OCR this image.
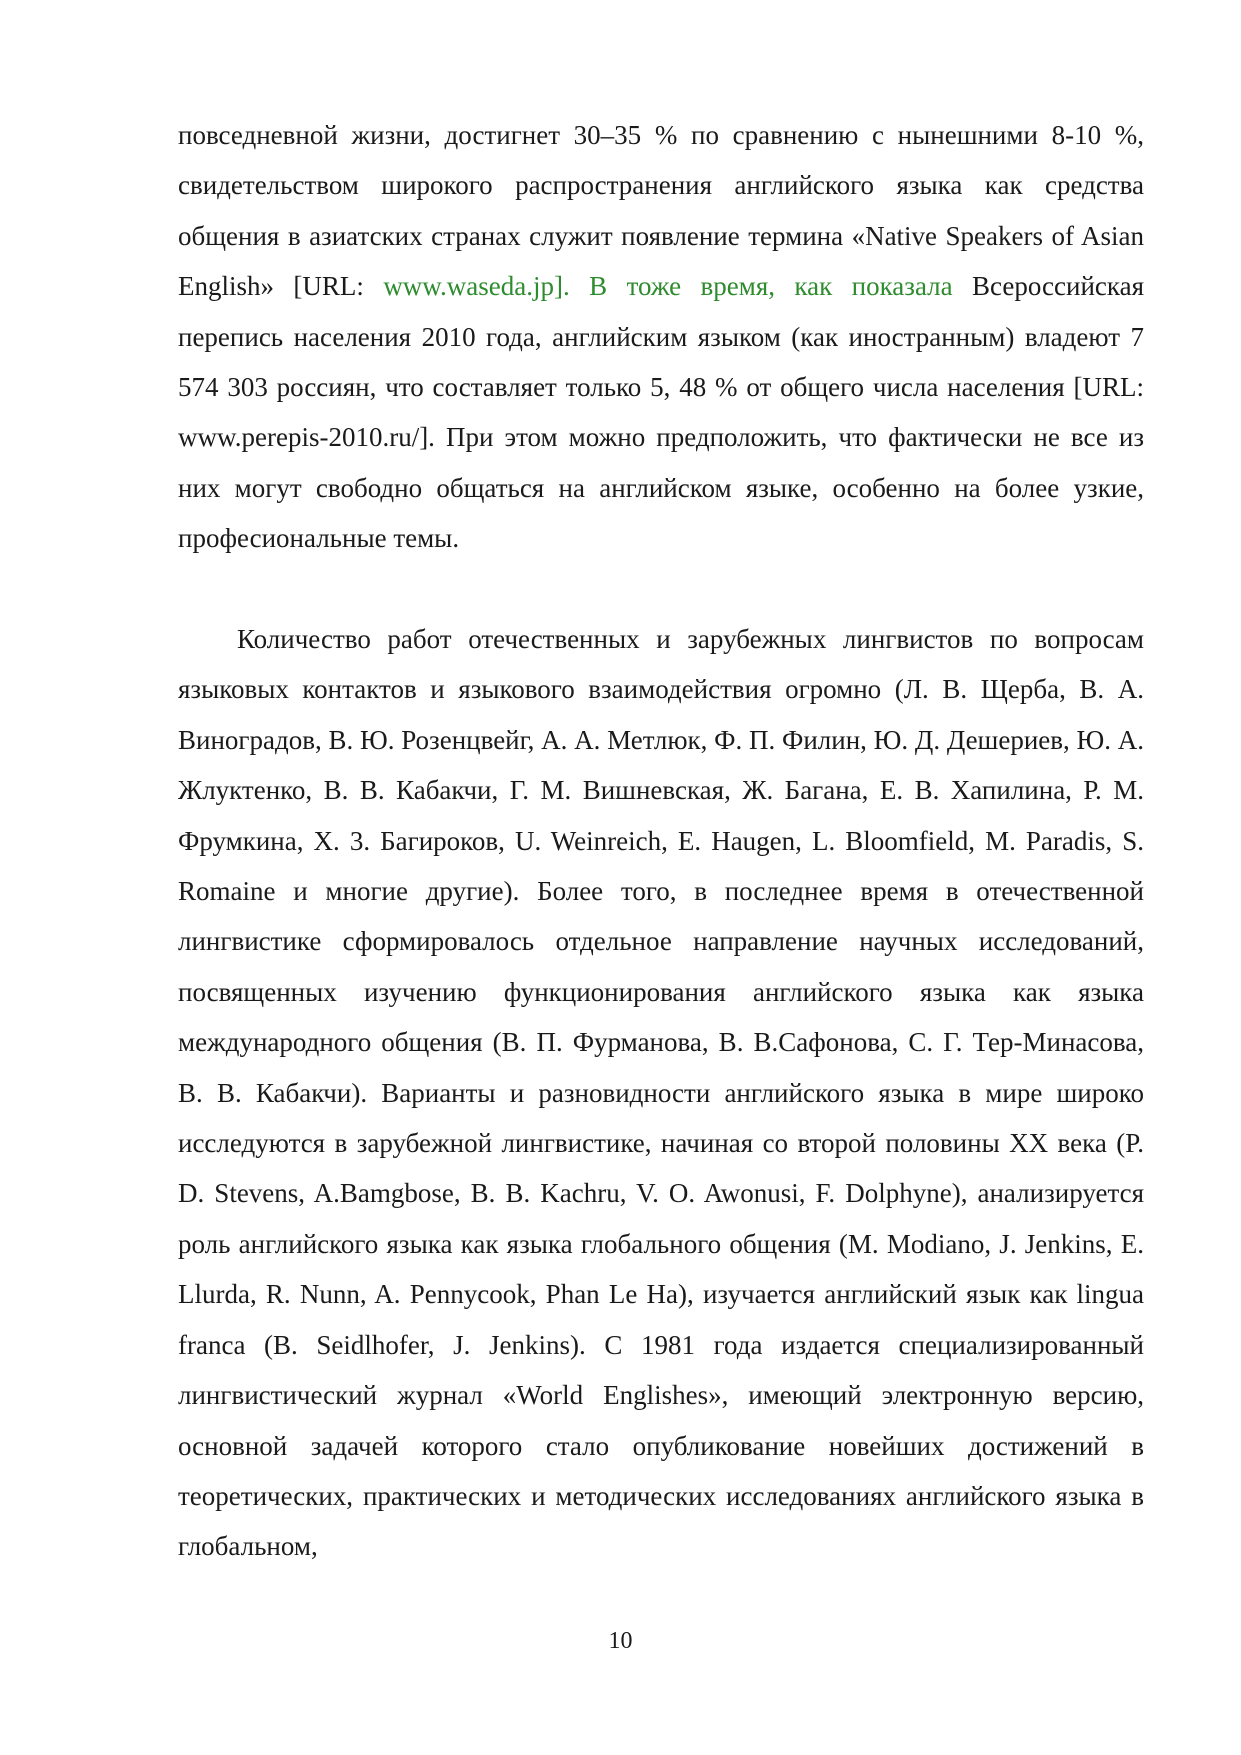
повседневной жизни, достигнет 30–35 % по сравнению с нынешними 8-10 %, свидетельством широкого распространения английского языка как средства общения в азиатских странах служит появление термина «Native Speakers of Asian English» [URL: www.waseda.jp]. В тоже время, как показала Всероссийская перепись населения 2010 года, английским языком (как иностранным) владеют 7 574 303 россиян, что составляет только 5, 48 % от общего числа населения [URL: www.perepis-2010.ru/]. При этом можно предположить, что фактически не все из них могут свободно общаться на английском языке, особенно на более узкие, професиональные темы.

Количество работ отечественных и зарубежных лингвистов по вопросам языковых контактов и языкового взаимодействия огромно (Л. В. Щерба, В. А. Виноградов, В. Ю. Розенцвейг, А. А. Метлюк, Ф. П. Филин, Ю. Д. Дешериев, Ю. А. Жлуктенко, В. В. Кабакчи, Г. М. Вишневская, Ж. Багана, Е. В. Хапилина, Р. М. Фрумкина, Х. 3. Багироков, U. Weinreich, E. Haugen, L. Bloomfield, M. Paradis, S. Romaine и многие другие). Более того, в последнее время в отечественной лингвистике сформировалось отдельное направление научных исследований, посвященных изучению функционирования английского языка как языка международного общения (В. П. Фурманова, В. В.Сафонова, С. Г. Тер-Минасова, В. В. Кабакчи). Варианты и разновидности английского языка в мире широко исследуются в зарубежной лингвистике, начиная со второй половины XX века (P. D. Stevens, A.Bamgbose, B. B. Kachru, V. O. Awonusi, F. Dolphyne), анализируется роль английского языка как языка глобального общения (M. Modiano, J. Jenkins, E. Llurda, R. Nunn, A. Pennycook, Phan Le Ha), изучается английский язык как lingua franca (B. Seidlhofer, J. Jenkins). С 1981 года издается специализированный лингвистический журнал «World Englishes», имеющий электронную версию, основной задачей которого стало опубликование новейших достижений в теоретических, практических и методических исследованиях английского языка в глобальном,

10
